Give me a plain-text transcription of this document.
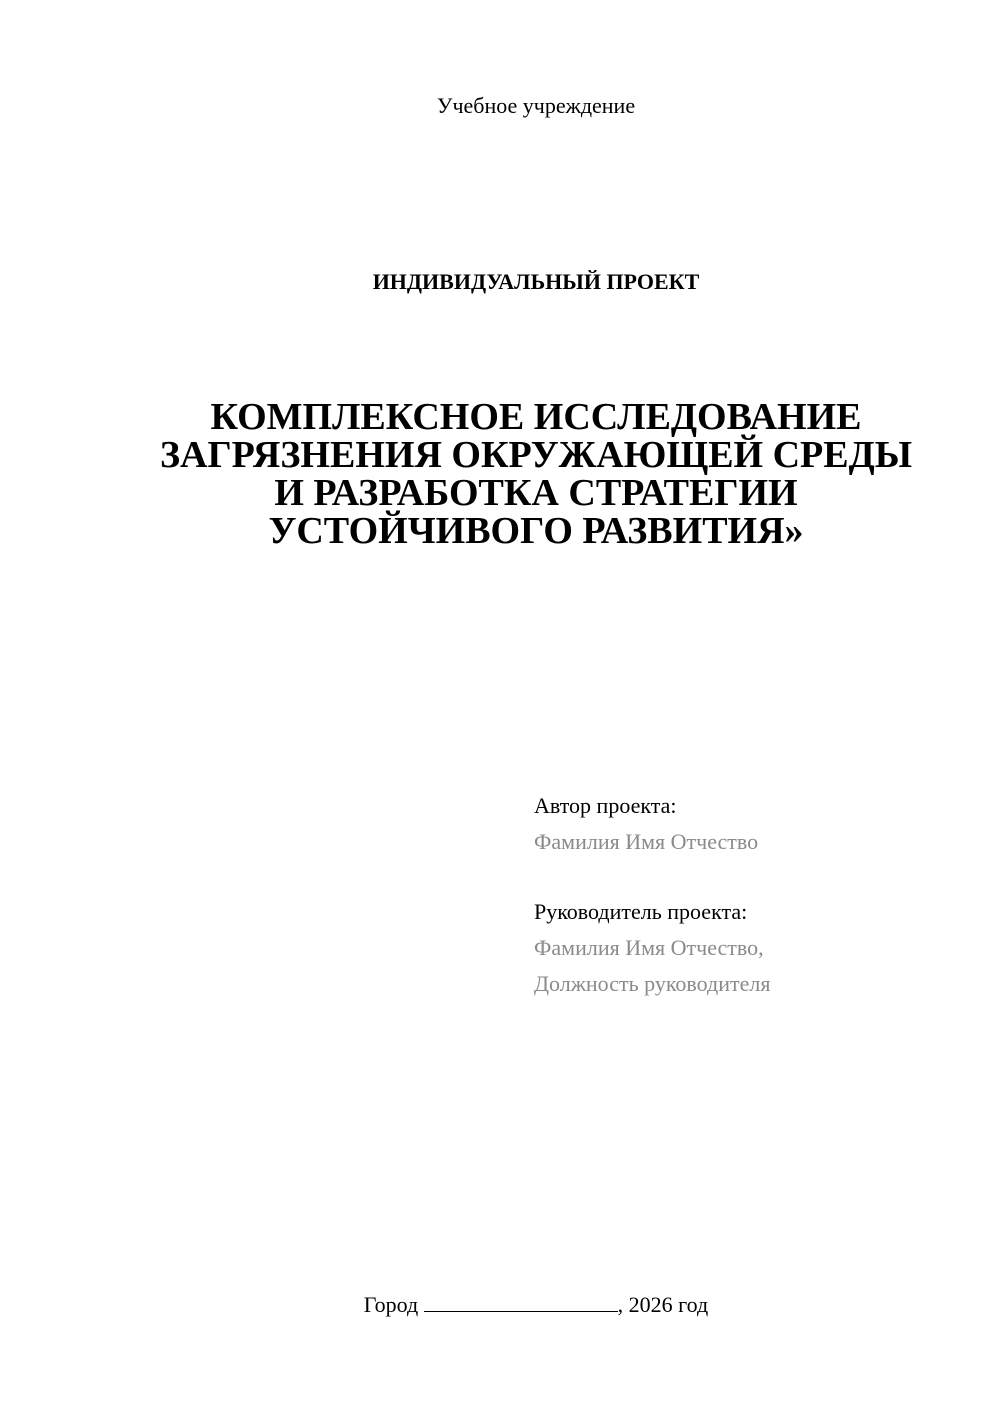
Учебное учреждение
ИНДИВИДУАЛЬНЫЙ ПРОЕКТ
КОМПЛЕКСНОЕ ИССЛЕДОВАНИЕ
ЗАГРЯЗНЕНИЯ ОКРУЖАЮЩЕЙ СРЕДЫ
И РАЗРАБОТКА СТРАТЕГИИ
УСТОЙЧИВОГО РАЗВИТИЯ»
Автор проекта:
Фамилия Имя Отчество
Руководитель проекта:
Фамилия Имя Отчество,
Должность руководителя
Город	, 2026 год
